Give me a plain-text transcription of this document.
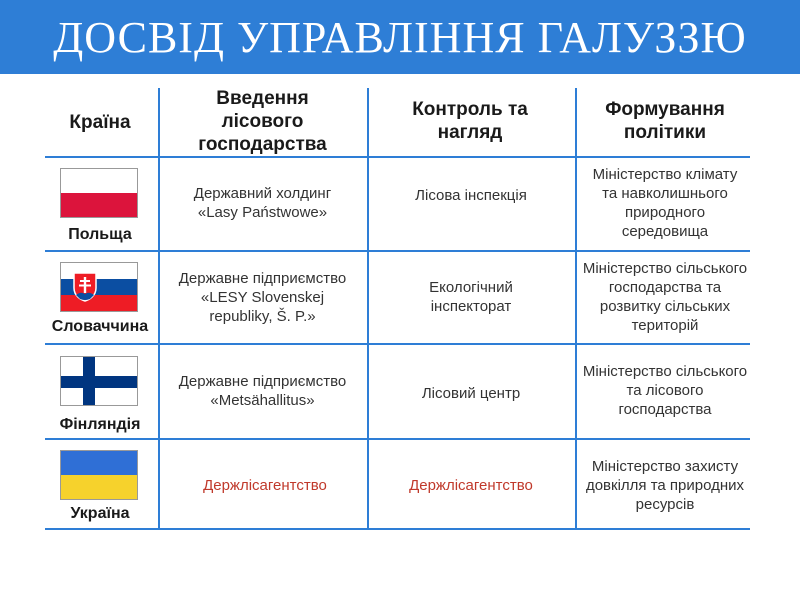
ДОСВІД УПРАВЛІННЯ ГАЛУЗЗЮ
Країна
Введення лісового господарства
Контроль та нагляд
Формування політики
Польща
Державний холдинг «Lasy Państwowe»
Лісова інспекція
Міністерство клімату та навколишнього природного середовища
Словаччина
Державне підприємство «LESY Slovenskej republiky, Š. P.»
Екологічний інспекторат
Міністерство сільського господарства та розвитку сільських територій
Фінляндія
Державне підприємство «Metsähallitus»	Лісовий центр
Міністерство сільського та лісового господарства
Україна
Держлісагентство	Держлісагентство
Міністерство захисту довкілля та природних ресурсів
